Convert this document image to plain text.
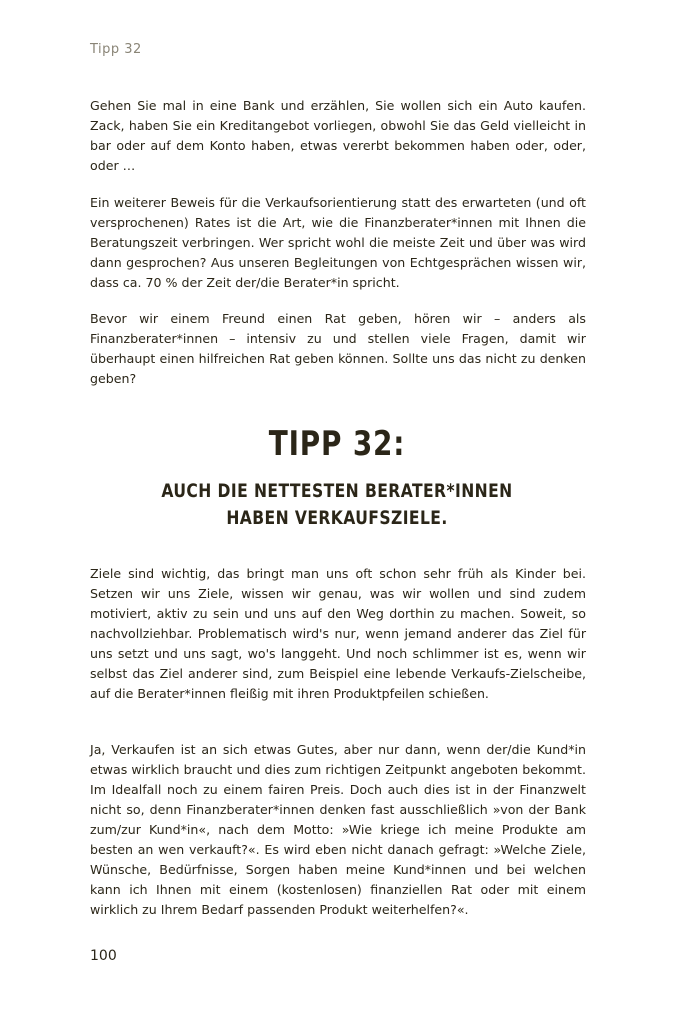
Tipp 32

Gehen Sie mal in eine Bank und erzählen, Sie wollen sich ein Auto kaufen. Zack, haben Sie ein Kreditangebot vorliegen, obwohl Sie das Geld vielleicht in bar oder auf dem Konto haben, etwas vererbt bekommen haben oder, oder, oder …

Ein weiterer Beweis für die Verkaufsorientierung statt des erwarteten (und oft versprochenen) Rates ist die Art, wie die Finanzberater*innen mit Ihnen die Beratungszeit verbringen. Wer spricht wohl die meiste Zeit und über was wird dann gesprochen? Aus unseren Begleitungen von Echtgesprächen wissen wir, dass ca. 70 % der Zeit der/die Berater*in spricht.

Bevor wir einem Freund einen Rat geben, hören wir – anders als Finanzberater*innen – intensiv zu und stellen viele Fragen, damit wir überhaupt einen hilfreichen Rat geben können. Sollte uns das nicht zu denken geben?

TIPP 32:
AUCH DIE NETTESTEN BERATER*INNEN
HABEN VERKAUFSZIELE.

Ziele sind wichtig, das bringt man uns oft schon sehr früh als Kinder bei. Setzen wir uns Ziele, wissen wir genau, was wir wollen und sind zudem motiviert, aktiv zu sein und uns auf den Weg dorthin zu machen. Soweit, so nachvollziehbar. Problematisch wird's nur, wenn jemand anderer das Ziel für uns setzt und uns sagt, wo's langgeht. Und noch schlimmer ist es, wenn wir selbst das Ziel anderer sind, zum Beispiel eine lebende Verkaufs-Zielscheibe, auf die Berater*innen fleißig mit ihren Produktpfeilen schießen.

Ja, Verkaufen ist an sich etwas Gutes, aber nur dann, wenn der/die Kund*in etwas wirklich braucht und dies zum richtigen Zeitpunkt angeboten bekommt. Im Idealfall noch zu einem fairen Preis. Doch auch dies ist in der Finanzwelt nicht so, denn Finanzberater*innen denken fast ausschließlich »von der Bank zum/zur Kund*in«, nach dem Motto: »Wie kriege ich meine Produkte am besten an wen verkauft?«. Es wird eben nicht danach gefragt: »Welche Ziele, Wünsche, Bedürfnisse, Sorgen haben meine Kund*innen und bei welchen kann ich Ihnen mit einem (kostenlosen) finanziellen Rat oder mit einem wirklich zu Ihrem Bedarf passenden Produkt weiterhelfen?«.

100
